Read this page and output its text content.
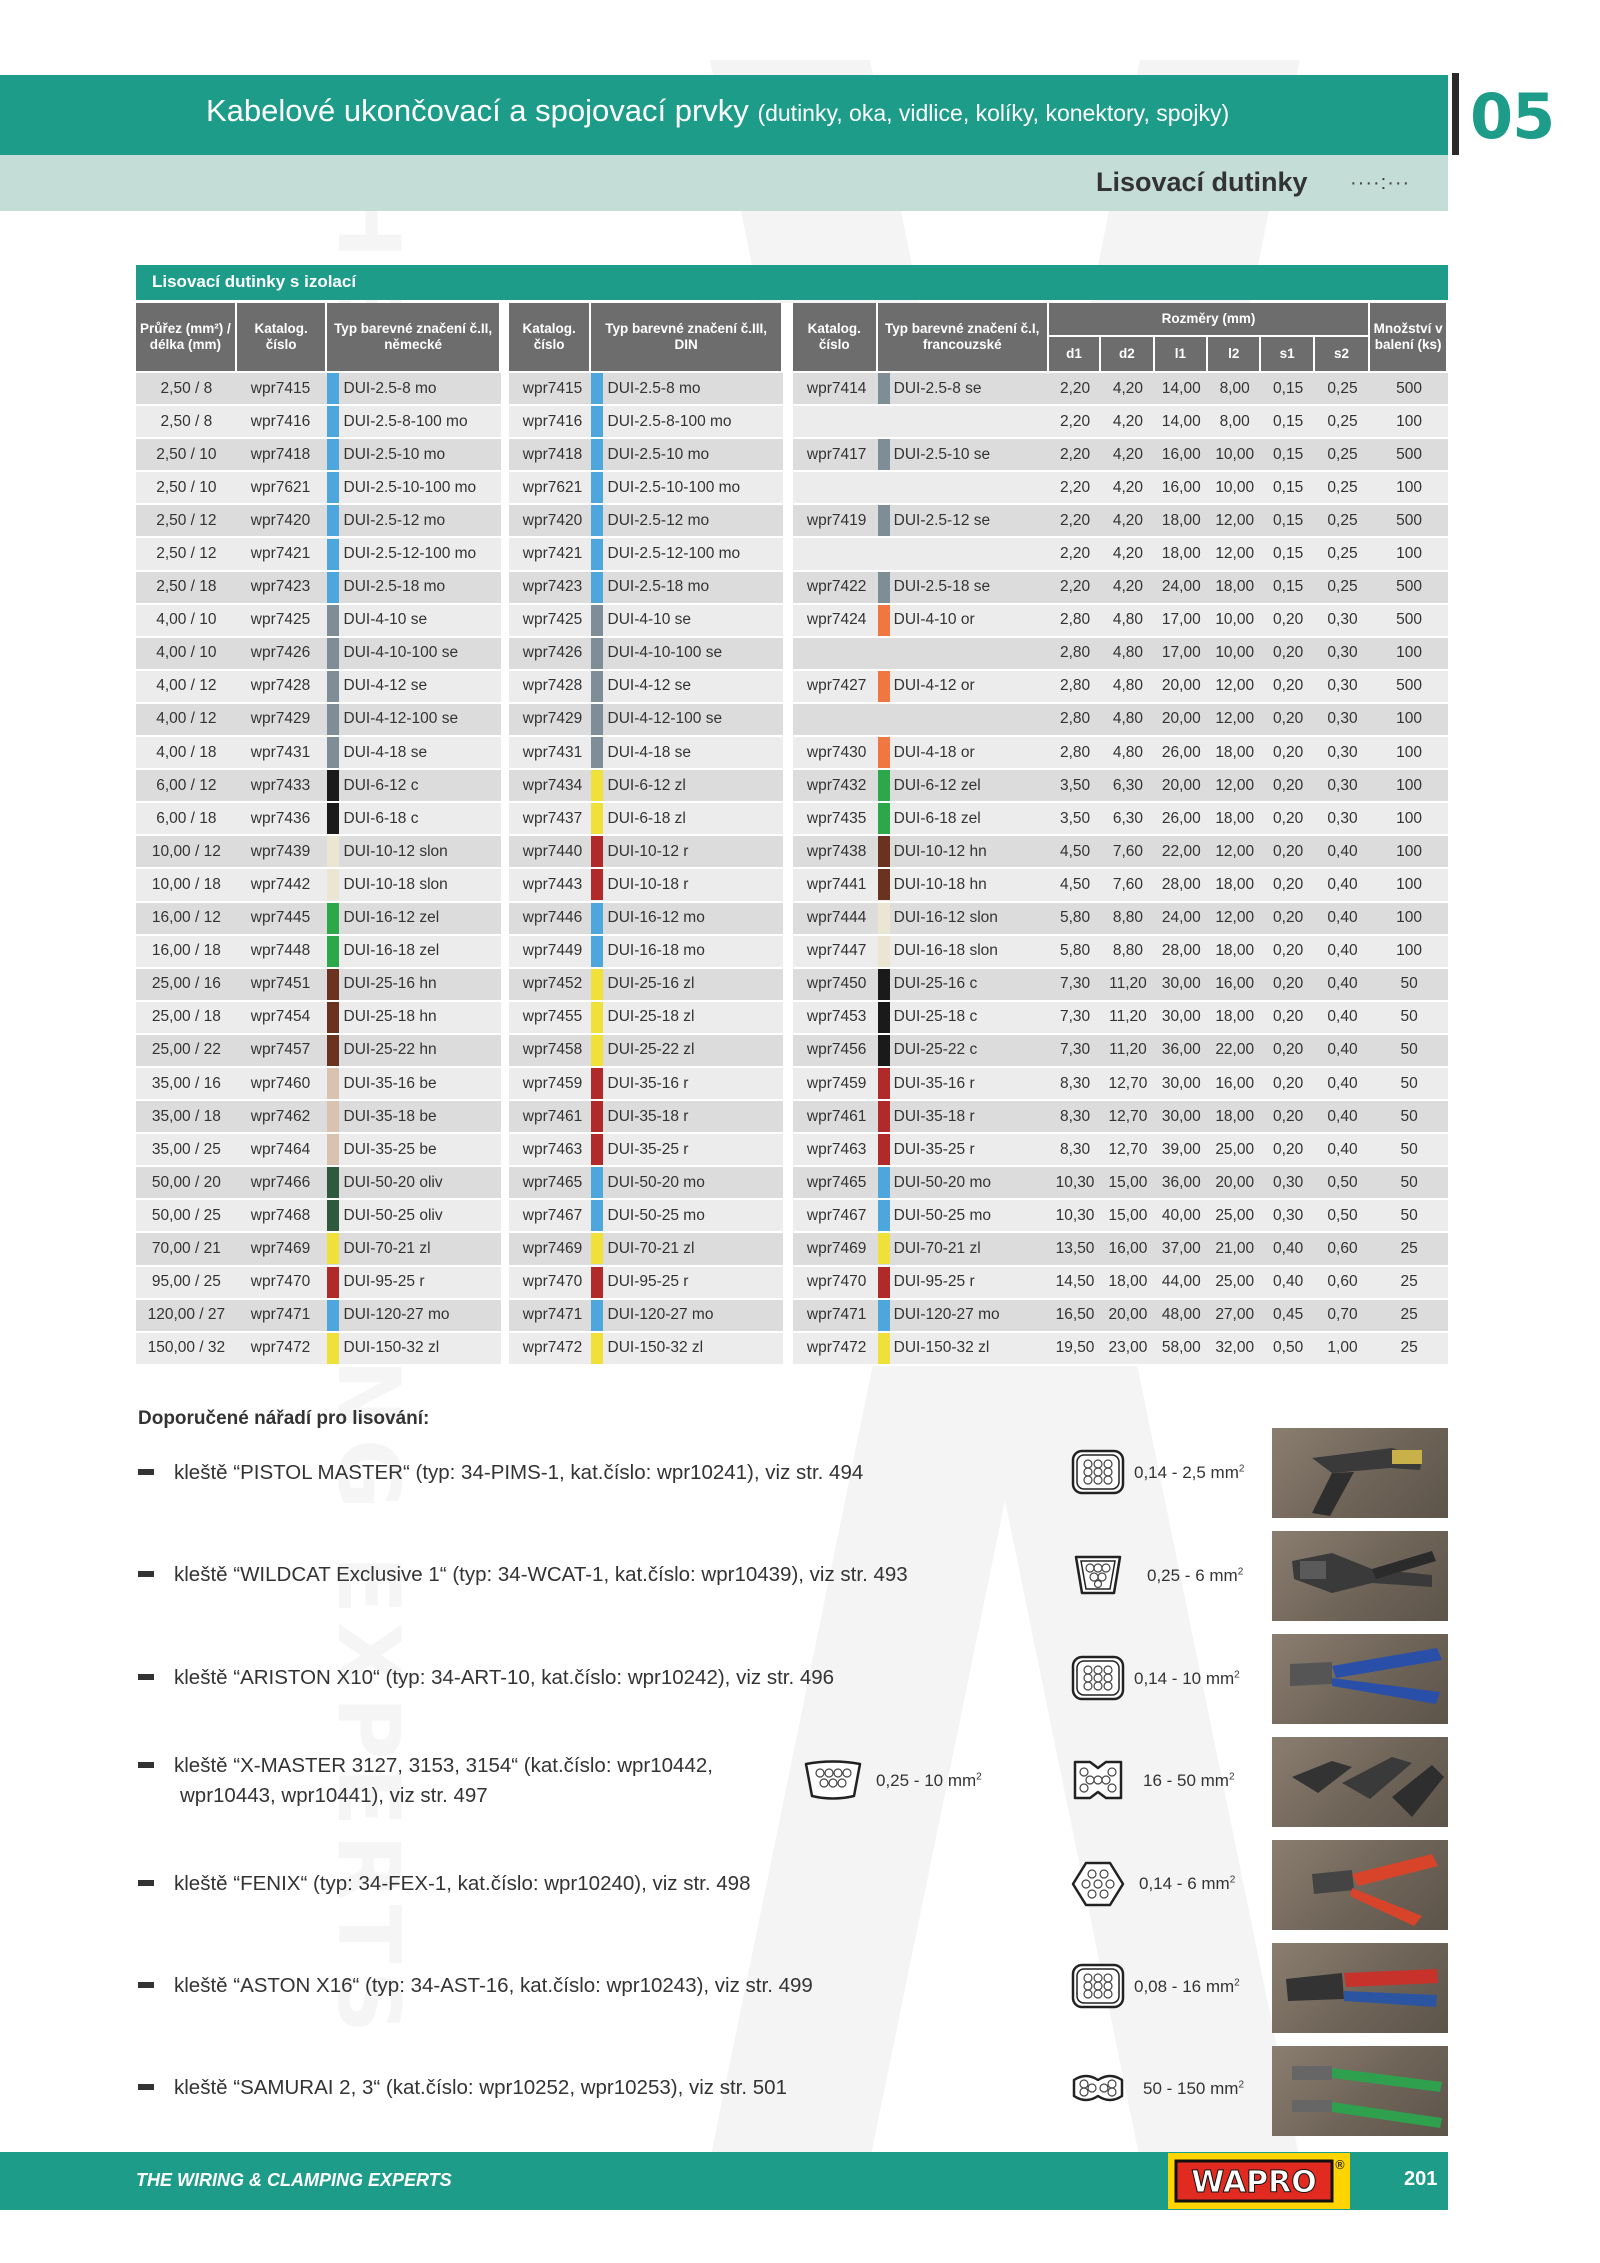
Kabelové ukončovací a spojovací prvky (dutinky, oka, vidlice, kolíky, konektory, spojky)	05
Lisovací dutinky ····:···
Lisovací dutinky s izolací
Průřez (mm²) / délka (mm)	Katalog. číslo	Typ barevné značení č.II, německé			Katalog. číslo	Typ barevné značení č.III, DIN			Katalog. číslo	Typ barevné značení č.I, francouzské		Rozměry (mm)						Množství v balení (ks)
												d1	d2	l1	l2	s1	s2	
2,50 / 8	wpr7415		DUI-2.5-8 mo		wpr7415		DUI-2.5-8 mo		wpr7414		DUI-2.5-8 se	2,20	4,20	14,00	8,00	0,15	0,25	500
2,50 / 8	wpr7416		DUI-2.5-8-100 mo		wpr7416		DUI-2.5-8-100 mo					2,20	4,20	14,00	8,00	0,15	0,25	100
2,50 / 10	wpr7418		DUI-2.5-10 mo		wpr7418		DUI-2.5-10 mo		wpr7417		DUI-2.5-10 se	2,20	4,20	16,00	10,00	0,15	0,25	500
2,50 / 10	wpr7621		DUI-2.5-10-100 mo		wpr7621		DUI-2.5-10-100 mo					2,20	4,20	16,00	10,00	0,15	0,25	100
2,50 / 12	wpr7420		DUI-2.5-12 mo		wpr7420		DUI-2.5-12 mo		wpr7419		DUI-2.5-12 se	2,20	4,20	18,00	12,00	0,15	0,25	500
2,50 / 12	wpr7421		DUI-2.5-12-100 mo		wpr7421		DUI-2.5-12-100 mo					2,20	4,20	18,00	12,00	0,15	0,25	100
2,50 / 18	wpr7423		DUI-2.5-18 mo		wpr7423		DUI-2.5-18 mo		wpr7422		DUI-2.5-18 se	2,20	4,20	24,00	18,00	0,15	0,25	500
4,00 / 10	wpr7425		DUI-4-10 se		wpr7425		DUI-4-10 se		wpr7424		DUI-4-10 or	2,80	4,80	17,00	10,00	0,20	0,30	500
4,00 / 10	wpr7426		DUI-4-10-100 se		wpr7426		DUI-4-10-100 se					2,80	4,80	17,00	10,00	0,20	0,30	100
4,00 / 12	wpr7428		DUI-4-12 se		wpr7428		DUI-4-12 se		wpr7427		DUI-4-12 or	2,80	4,80	20,00	12,00	0,20	0,30	500
4,00 / 12	wpr7429		DUI-4-12-100 se		wpr7429		DUI-4-12-100 se					2,80	4,80	20,00	12,00	0,20	0,30	100
4,00 / 18	wpr7431		DUI-4-18 se		wpr7431		DUI-4-18 se		wpr7430		DUI-4-18 or	2,80	4,80	26,00	18,00	0,20	0,30	100
6,00 / 12	wpr7433		DUI-6-12 c		wpr7434		DUI-6-12 zl		wpr7432		DUI-6-12 zel	3,50	6,30	20,00	12,00	0,20	0,30	100
6,00 / 18	wpr7436		DUI-6-18 c		wpr7437		DUI-6-18 zl		wpr7435		DUI-6-18 zel	3,50	6,30	26,00	18,00	0,20	0,30	100
10,00 / 12	wpr7439		DUI-10-12 slon		wpr7440		DUI-10-12 r		wpr7438		DUI-10-12 hn	4,50	7,60	22,00	12,00	0,20	0,40	100
10,00 / 18	wpr7442		DUI-10-18 slon		wpr7443		DUI-10-18 r		wpr7441		DUI-10-18 hn	4,50	7,60	28,00	18,00	0,20	0,40	100
16,00 / 12	wpr7445		DUI-16-12 zel		wpr7446		DUI-16-12 mo		wpr7444		DUI-16-12 slon	5,80	8,80	24,00	12,00	0,20	0,40	100
16,00 / 18	wpr7448		DUI-16-18 zel		wpr7449		DUI-16-18 mo		wpr7447		DUI-16-18 slon	5,80	8,80	28,00	18,00	0,20	0,40	100
25,00 / 16	wpr7451		DUI-25-16 hn		wpr7452		DUI-25-16 zl		wpr7450		DUI-25-16 c	7,30	11,20	30,00	16,00	0,20	0,40	50
25,00 / 18	wpr7454		DUI-25-18 hn		wpr7455		DUI-25-18 zl		wpr7453		DUI-25-18 c	7,30	11,20	30,00	18,00	0,20	0,40	50
25,00 / 22	wpr7457		DUI-25-22 hn		wpr7458		DUI-25-22 zl		wpr7456		DUI-25-22 c	7,30	11,20	36,00	22,00	0,20	0,40	50
35,00 / 16	wpr7460		DUI-35-16 be		wpr7459		DUI-35-16 r		wpr7459		DUI-35-16 r	8,30	12,70	30,00	16,00	0,20	0,40	50
35,00 / 18	wpr7462		DUI-35-18 be		wpr7461		DUI-35-18 r		wpr7461		DUI-35-18 r	8,30	12,70	30,00	18,00	0,20	0,40	50
35,00 / 25	wpr7464		DUI-35-25 be		wpr7463		DUI-35-25 r		wpr7463		DUI-35-25 r	8,30	12,70	39,00	25,00	0,20	0,40	50
50,00 / 20	wpr7466		DUI-50-20 oliv		wpr7465		DUI-50-20 mo		wpr7465		DUI-50-20 mo	10,30	15,00	36,00	20,00	0,30	0,50	50
50,00 / 25	wpr7468		DUI-50-25 oliv		wpr7467		DUI-50-25 mo		wpr7467		DUI-50-25 mo	10,30	15,00	40,00	25,00	0,30	0,50	50
70,00 / 21	wpr7469		DUI-70-21 zl		wpr7469		DUI-70-21 zl		wpr7469		DUI-70-21 zl	13,50	16,00	37,00	21,00	0,40	0,60	25
95,00 / 25	wpr7470		DUI-95-25 r		wpr7470		DUI-95-25 r		wpr7470		DUI-95-25 r	14,50	18,00	44,00	25,00	0,40	0,60	25
120,00 / 27	wpr7471		DUI-120-27 mo		wpr7471		DUI-120-27 mo		wpr7471		DUI-120-27 mo	16,50	20,00	48,00	27,00	0,45	0,70	25
150,00 / 32	wpr7472		DUI-150-32 zl		wpr7472		DUI-150-32 zl		wpr7472		DUI-150-32 zl	19,50	23,00	58,00	32,00	0,50	1,00	25
Doporučené nářadí pro lisování:
kleště “PISTOL MASTER“ (typ: 34-PIMS-1, kat.číslo: wpr10241), viz str. 494
kleště “WILDCAT Exclusive 1“ (typ: 34-WCAT-1, kat.číslo: wpr10439), viz str. 493
kleště “ARISTON X10“ (typ: 34-ART-10, kat.číslo: wpr10242), viz str. 496
kleště “X-MASTER 3127, 3153, 3154“ (kat.číslo: wpr10442,
wpr10443, wpr10441), viz str. 497
kleště “FENIX“ (typ: 34-FEX-1, kat.číslo: wpr10240), viz str. 498
kleště “ASTON X16“ (typ: 34-AST-16, kat.číslo: wpr10243), viz str. 499
kleště “SAMURAI 2, 3“ (kat.číslo: wpr10252, wpr10253), viz str. 501
0,14 - 2,5 $mm^2$
0,25 - 6 $mm^2$
0,14 - 10 $mm^2$
0,25 - 10 $mm^2$	16 - 50 $mm^2$
0,14 - 6 $mm^2$
0,08 - 16 $mm^2$
50 - 150 $mm^2$
THE WIRING & CLAMPING EXPERTS	WAPRO ®
201
